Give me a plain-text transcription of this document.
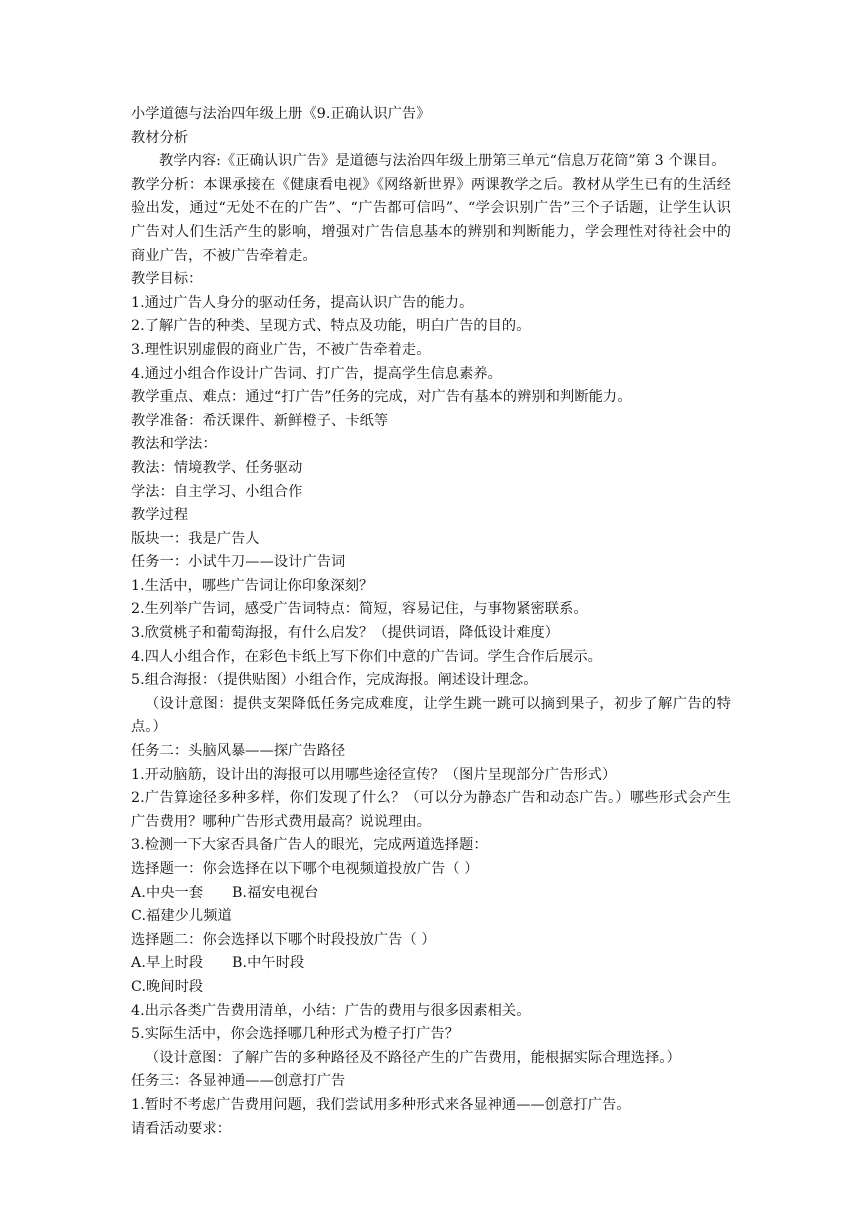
小学道德与法治四年级上册《9.正确认识广告》

教材分析

教学内容:《正确认识广告》是道德与法治四年级上册第三单元“信息万花筒”第 3 个课目。

教学分析：本课承接在《健康看电视》《网络新世界》两课教学之后。教材从学生已有的生活经验出发，通过“无处不在的广告”、“广告都可信吗”、“学会识别广告”三个子话题，让学生认识广告对人们生活产生的影响，增强对广告信息基本的辨别和判断能力，学会理性对待社会中的商业广告，不被广告牵着走。

教学目标：

1.通过广告人身分的驱动任务，提高认识广告的能力。

2.了解广告的种类、呈现方式、特点及功能，明白广告的目的。

3.理性识别虚假的商业广告，不被广告牵着走。

4.通过小组合作设计广告词、打广告，提高学生信息素养。

教学重点、难点：通过“打广告”任务的完成，对广告有基本的辨别和判断能力。

教学准备：希沃课件、新鲜橙子、卡纸等

教法和学法：

教法：情境教学、任务驱动

学法：自主学习、小组合作

教学过程

版块一：我是广告人

任务一：小试牛刀——设计广告词

1.生活中，哪些广告词让你印象深刻？

2.生列举广告词，感受广告词特点：简短，容易记住，与事物紧密联系。

3.欣赏桃子和葡萄海报，有什么启发？（提供词语，降低设计难度）

4.四人小组合作，在彩色卡纸上写下你们中意的广告词。学生合作后展示。

5.组合海报：（提供贴图）小组合作，完成海报。阐述设计理念。

（设计意图：提供支架降低任务完成难度，让学生跳一跳可以摘到果子，初步了解广告的特点。）

任务二：头脑风暴——探广告路径

1.开动脑筋，设计出的海报可以用哪些途径宣传？（图片呈现部分广告形式）

2.广告算途径多种多样，你们发现了什么？（可以分为静态广告和动态广告。）哪些形式会产生广告费用？哪种广告形式费用最高？说说理由。

3.检测一下大家否具备广告人的眼光，完成两道选择题：

选择题一：你会选择在以下哪个电视频道投放广告（ ）

A.中央一套 B.福安电视台

C.福建少儿频道

选择题二：你会选择以下哪个时段投放广告（ ）

A.早上时段 B.中午时段

C.晚间时段

4.出示各类广告费用清单，小结：广告的费用与很多因素相关。

5.实际生活中，你会选择哪几种形式为橙子打广告？

（设计意图：了解广告的多种路径及不路径产生的广告费用，能根据实际合理选择。）

任务三：各显神通——创意打广告

1.暂时不考虑广告费用问题，我们尝试用多种形式来各显神通——创意打广告。

请看活动要求：
